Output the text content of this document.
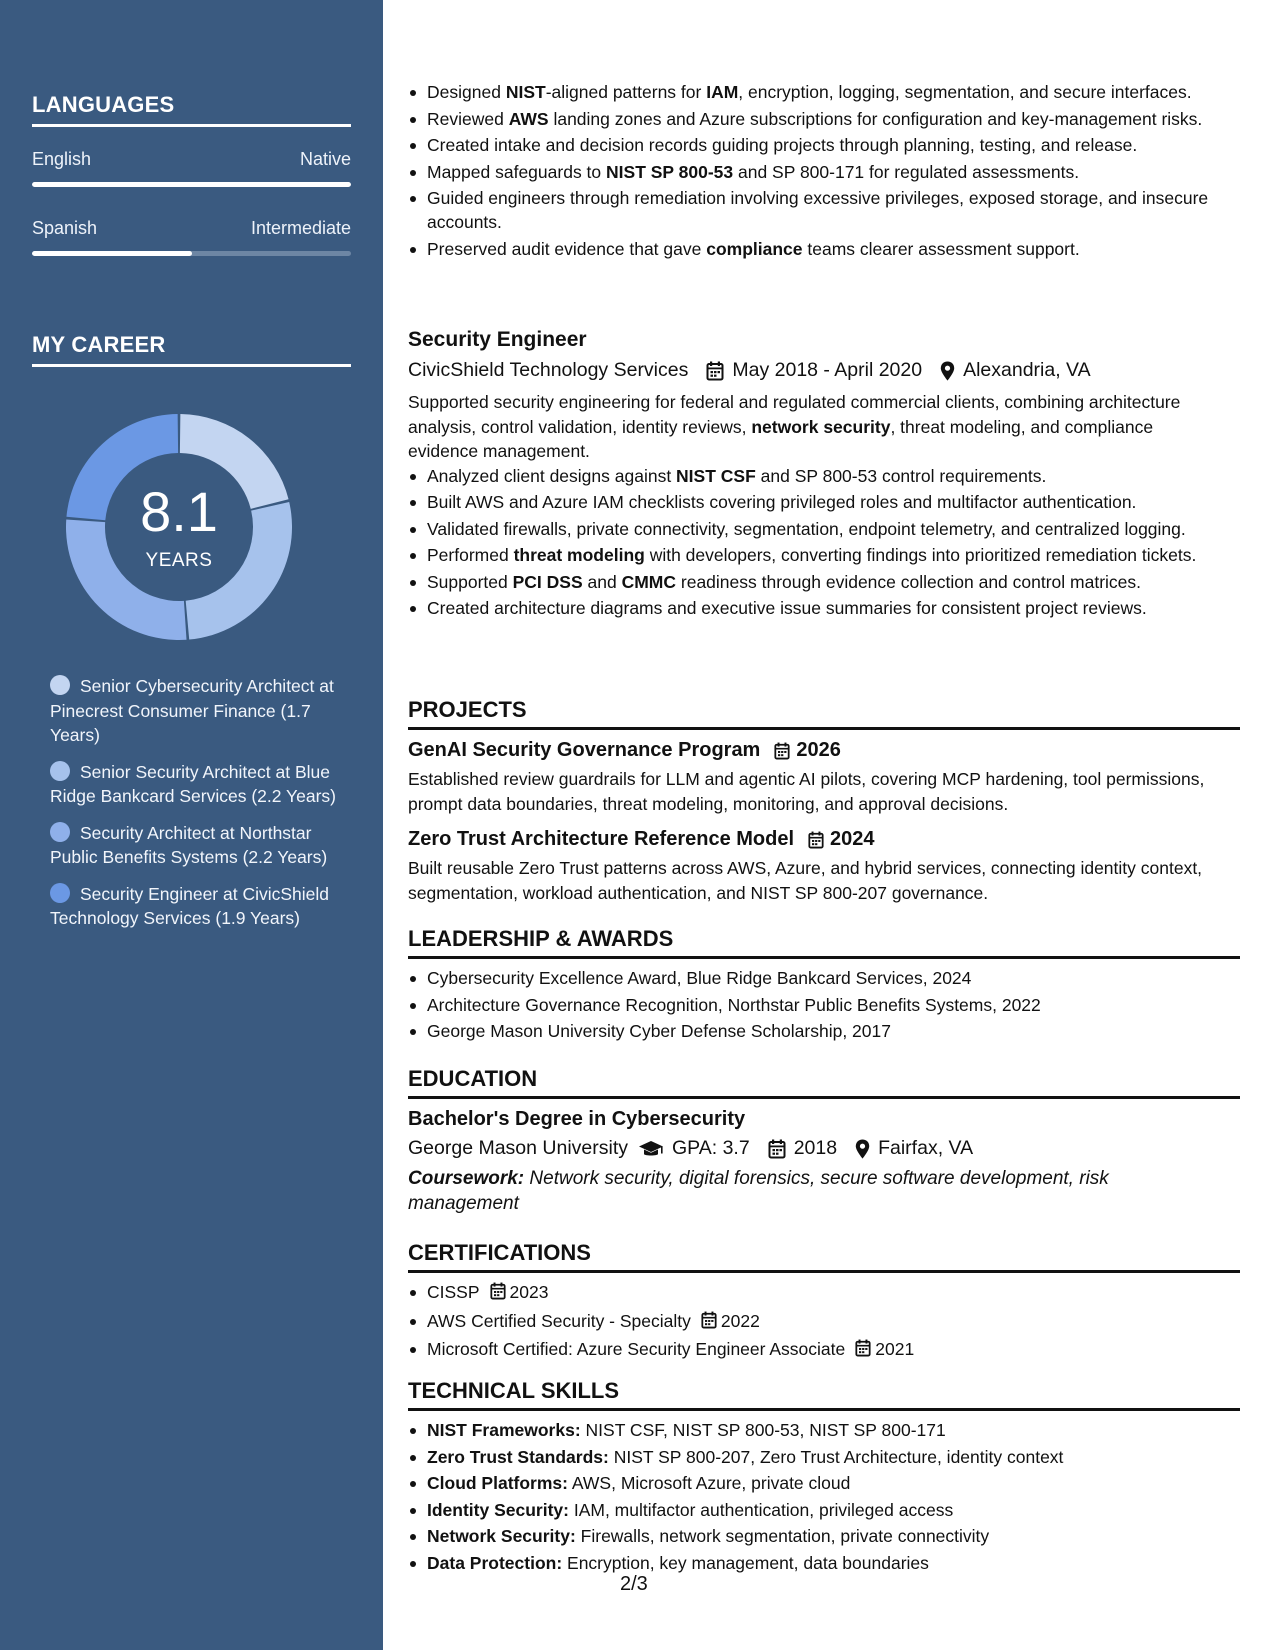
LANGUAGES
English	Native
Spanish	Intermediate
MY CAREER
8.1
YEARS
Senior Cybersecurity Architect at Pinecrest Consumer Finance (1.7 Years)
Senior Security Architect at Blue Ridge Bankcard Services (2.2 Years)
Security Architect at Northstar Public Benefits Systems (2.2 Years)
Security Engineer at CivicShield Technology Services (1.9 Years)
Designed NIST-aligned patterns for IAM, encryption, logging, segmentation, and secure interfaces.
Reviewed AWS landing zones and Azure subscriptions for configuration and key-management risks.
Created intake and decision records guiding projects through planning, testing, and release.
Mapped safeguards to NIST SP 800-53 and SP 800-171 for regulated assessments.
Guided engineers through remediation involving excessive privileges, exposed storage, and insecure accounts.
Preserved audit evidence that gave compliance teams clearer assessment support.
Security Engineer
CivicShield Technology Services May 2018 - April 2020 Alexandria, VA
Supported security engineering for federal and regulated commercial clients, combining architecture analysis, control validation, identity reviews, network security, threat modeling, and compliance evidence management.
Analyzed client designs against NIST CSF and SP 800-53 control requirements.
Built AWS and Azure IAM checklists covering privileged roles and multifactor authentication.
Validated firewalls, private connectivity, segmentation, endpoint telemetry, and centralized logging.
Performed threat modeling with developers, converting findings into prioritized remediation tickets.
Supported PCI DSS and CMMC readiness through evidence collection and control matrices.
Created architecture diagrams and executive issue summaries for consistent project reviews.
PROJECTS
GenAI Security Governance Program 2026
Established review guardrails for LLM and agentic AI pilots, covering MCP hardening, tool permissions, prompt data boundaries, threat modeling, monitoring, and approval decisions.
Zero Trust Architecture Reference Model 2024
Built reusable Zero Trust patterns across AWS, Azure, and hybrid services, connecting identity context, segmentation, workload authentication, and NIST SP 800-207 governance.
LEADERSHIP & AWARDS
Cybersecurity Excellence Award, Blue Ridge Bankcard Services, 2024
Architecture Governance Recognition, Northstar Public Benefits Systems, 2022
George Mason University Cyber Defense Scholarship, 2017
EDUCATION
Bachelor's Degree in Cybersecurity
George Mason University GPA: 3.7 2018 Fairfax, VA
Coursework: Network security, digital forensics, secure software development, risk management
CERTIFICATIONS
CISSP 2023
AWS Certified Security - Specialty 2022
Microsoft Certified: Azure Security Engineer Associate 2021
TECHNICAL SKILLS
NIST Frameworks: NIST CSF, NIST SP 800-53, NIST SP 800-171
Zero Trust Standards: NIST SP 800-207, Zero Trust Architecture, identity context
Cloud Platforms: AWS, Microsoft Azure, private cloud
Identity Security: IAM, multifactor authentication, privileged access
Network Security: Firewalls, network segmentation, private connectivity
Data Protection: Encryption, key management, data boundaries
2/3
